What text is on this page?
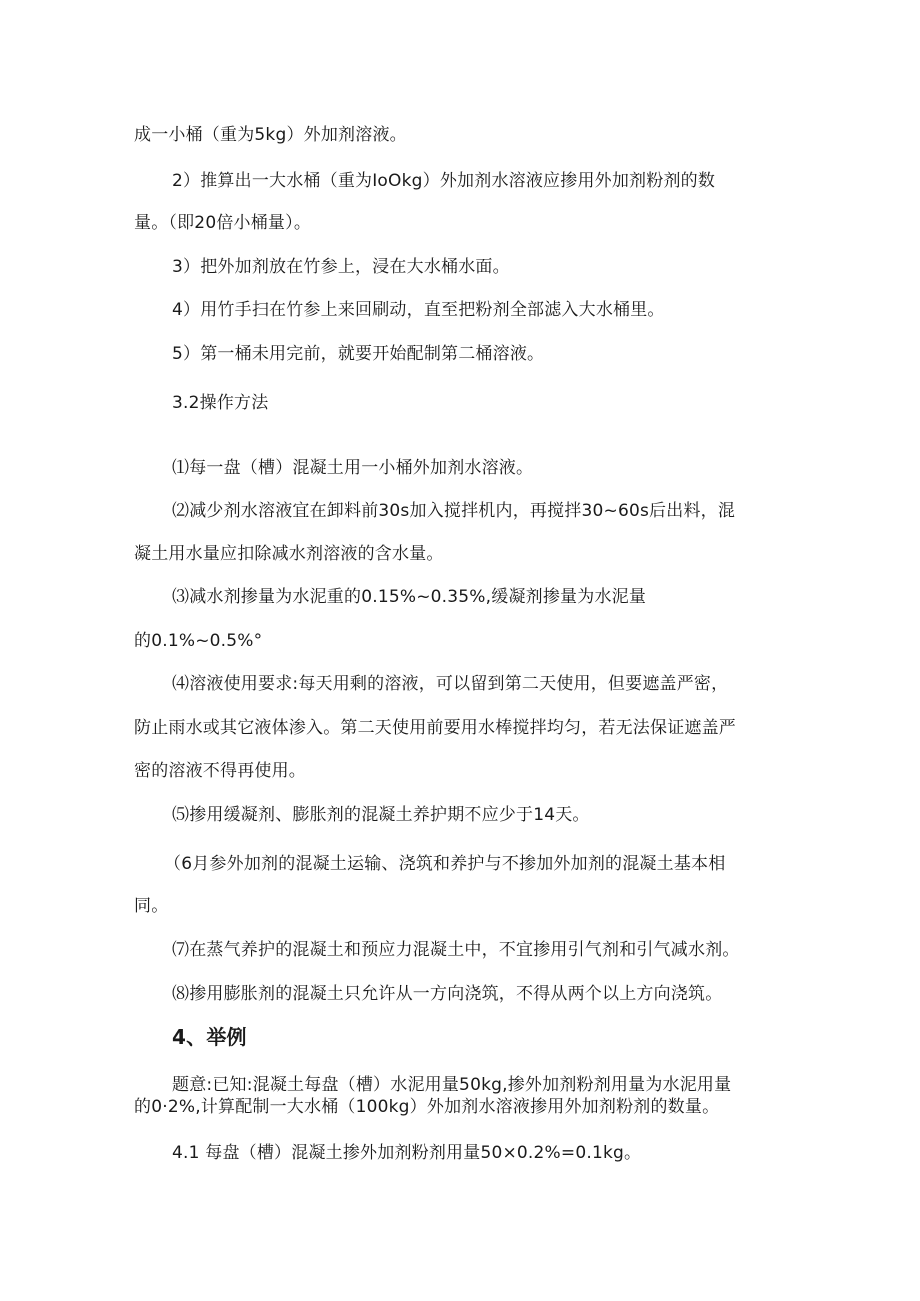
成一小桶（重为5kg）外加剂溶液。
2）推算出一大水桶（重为IoOkg）外加剂水溶液应掺用外加剂粉剂的数
量。（即20倍小桶量）。
3）把外加剂放在竹参上，浸在大水桶水面。
4）用竹手扫在竹参上来回刷动，直至把粉剂全部滤入大水桶里。
5）第一桶未用完前，就要开始配制第二桶溶液。
3.2操作方法
⑴每一盘（槽）混凝土用一小桶外加剂水溶液。
⑵减少剂水溶液宜在卸料前30s加入搅拌机内，再搅拌30~60s后出料，混
凝土用水量应扣除减水剂溶液的含水量。
⑶减水剂掺量为水泥重的0.15%~0.35%,缓凝剂掺量为水泥量
的0.1%~0.5%°
⑷溶液使用要求:每天用剩的溶液，可以留到第二天使用，但要遮盖严密，
防止雨水或其它液体渗入。第二天使用前要用水棒搅拌均匀，若无法保证遮盖严
密的溶液不得再使用。
⑸掺用缓凝剂、膨胀剂的混凝土养护期不应少于14天。
（6月参外加剂的混凝土运输、浇筑和养护与不掺加外加剂的混凝土基本相
同。
⑺在蒸气养护的混凝土和预应力混凝土中，不宜掺用引气剂和引气减水剂。
⑻掺用膨胀剂的混凝土只允许从一方向浇筑，不得从两个以上方向浇筑。
4、举例
题意:已知:混凝土每盘（槽）水泥用量50kg,掺外加剂粉剂用量为水泥用量
的0·2%,计算配制一大水桶（100kg）外加剂水溶液掺用外加剂粉剂的数量。
4.1 每盘（槽）混凝土掺外加剂粉剂用量50×0.2%=0.1kg。
